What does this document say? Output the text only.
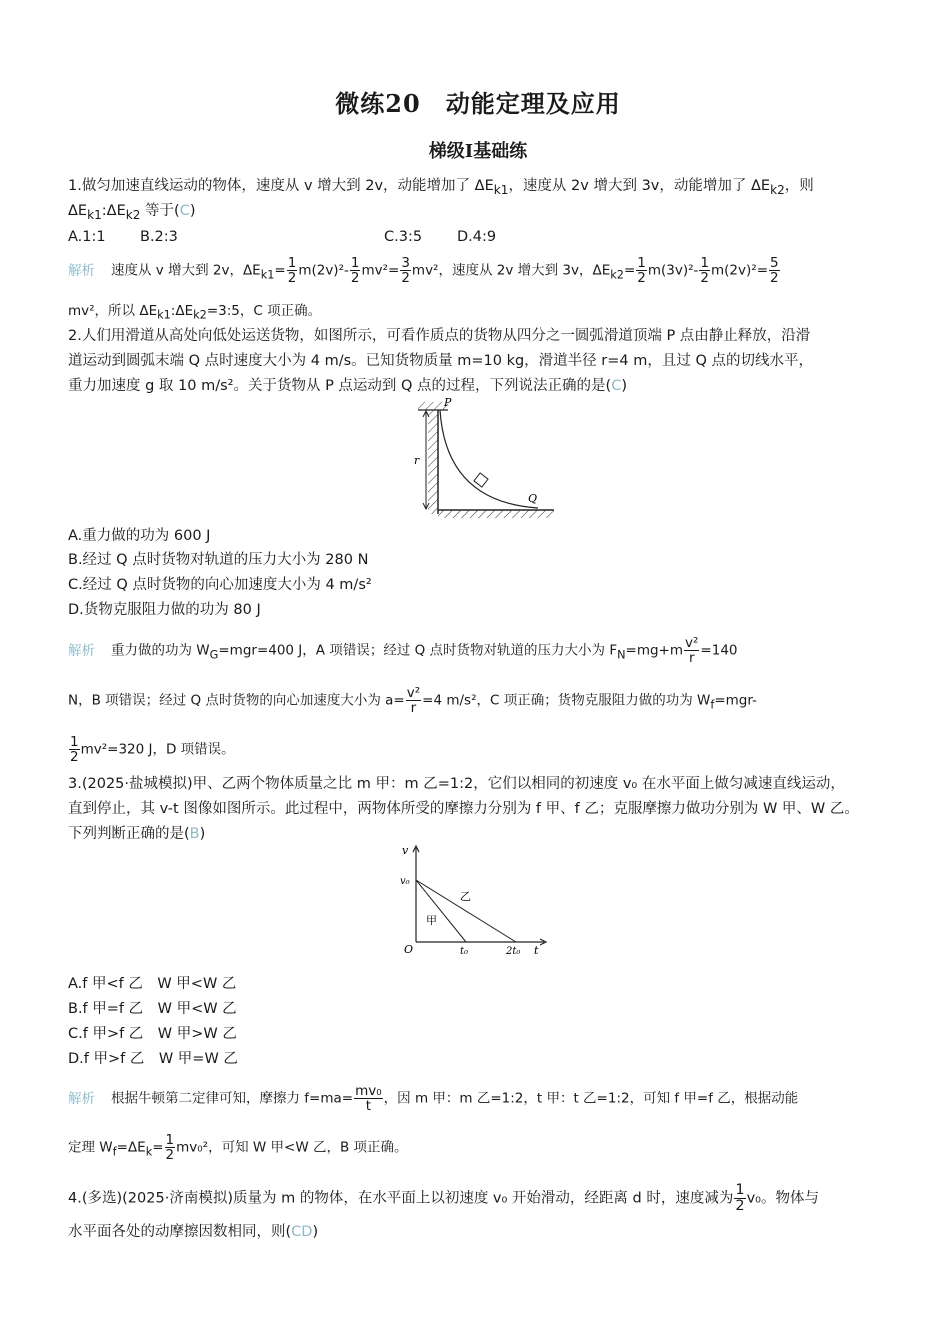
微练20　动能定理及应用
梯级Ⅰ基础练
1.做匀加速直线运动的物体，速度从 v 增大到 2v，动能增加了 $\Delta E_{k1}$，速度从 2v 增大到 3v，动能增加了 $\Delta E_{k2}$，则
$\Delta E_{k1}:\Delta E_{k2}$ 等于(C)
A.1:1 B.2:3	C.3:5 D.4:9
解析 速度从 v 增大到 2v，$\Delta E_{k1}= \frac{1}{2} m(2v)^2- \frac{1}{2} mv^2= \frac{3}{2} mv^2$，速度从 2v 增大到 3v，$\Delta E_{k2}= \frac{1}{2} m(3v)^2- \frac{1}{2} m(2v)^2= \frac{5}{2}$
mv²，所以 $\Delta E_{k1}:\Delta E_{k2}=3:5$，C 项正确。
2.人们用滑道从高处向低处运送货物，如图所示，可看作质点的货物从四分之一圆弧滑道顶端 P 点由静止释放，沿滑
道运动到圆弧末端 Q 点时速度大小为 4 m/s。已知货物质量 m=10 kg，滑道半径 r=4 m，且过 Q 点的切线水平，
重力加速度 g 取 10 m/s²。关于货物从 P 点运动到 Q 点的过程，下列说法正确的是(C)
r
P
Q
A.重力做的功为 600 J
B.经过 Q 点时货物对轨道的压力大小为 280 N
C.经过 Q 点时货物的向心加速度大小为 4 m/s²
D.货物克服阻力做的功为 80 J
解析 重力做的功为 $W_G=mgr=400$ J，A 项错误；经过 Q 点时货物对轨道的压力大小为 $F_N=mg+m \frac{\text{v²}}{r} =140$
N，B 项错误；经过 Q 点时货物的向心加速度大小为 $a= \frac{\text{v²}}{r} =4$ m/s²，C 项正确；货物克服阻力做的功为 $W_f=mgr-$
$\frac{1}{2} mv^2=320$ J，D 项错误。
3.(2025·盐城模拟)甲、乙两个物体质量之比 m 甲：m 乙=1:2，它们以相同的初速度 v₀ 在水平面上做匀减速直线运动，
直到停止，其 v-t 图像如图所示。此过程中，两物体所受的摩擦力分别为 f 甲、f 乙；克服摩擦力做功分别为 W 甲、W 乙。
下列判断正确的是(B)
v
v₀
O	t₀	2t₀ t
甲
乙
A.f 甲<f 乙　W 甲<W 乙
B.f 甲=f 乙　W 甲<W 乙
C.f 甲>f 乙　W 甲>W 乙
D.f 甲>f 乙　W 甲=W 乙
解析 根据牛顿第二定律可知，摩擦力 $f=ma= \frac{\text{mv₀}}{t}$ ，因 m 甲：m 乙=1:2，t 甲：t 乙=1:2，可知 f 甲=f 乙，根据动能
定理 $W_f=\Delta E_k= \frac{1}{2} mv_0^2$，可知 W 甲<W 乙，B 项正确。
4.(多选)(2025·济南模拟)质量为 m 的物体，在水平面上以初速度 v₀ 开始滑动，经距离 d 时，速度减为 $\frac{1}{2} v_0$。物体与
水平面各处的动摩擦因数相同，则(CD)
